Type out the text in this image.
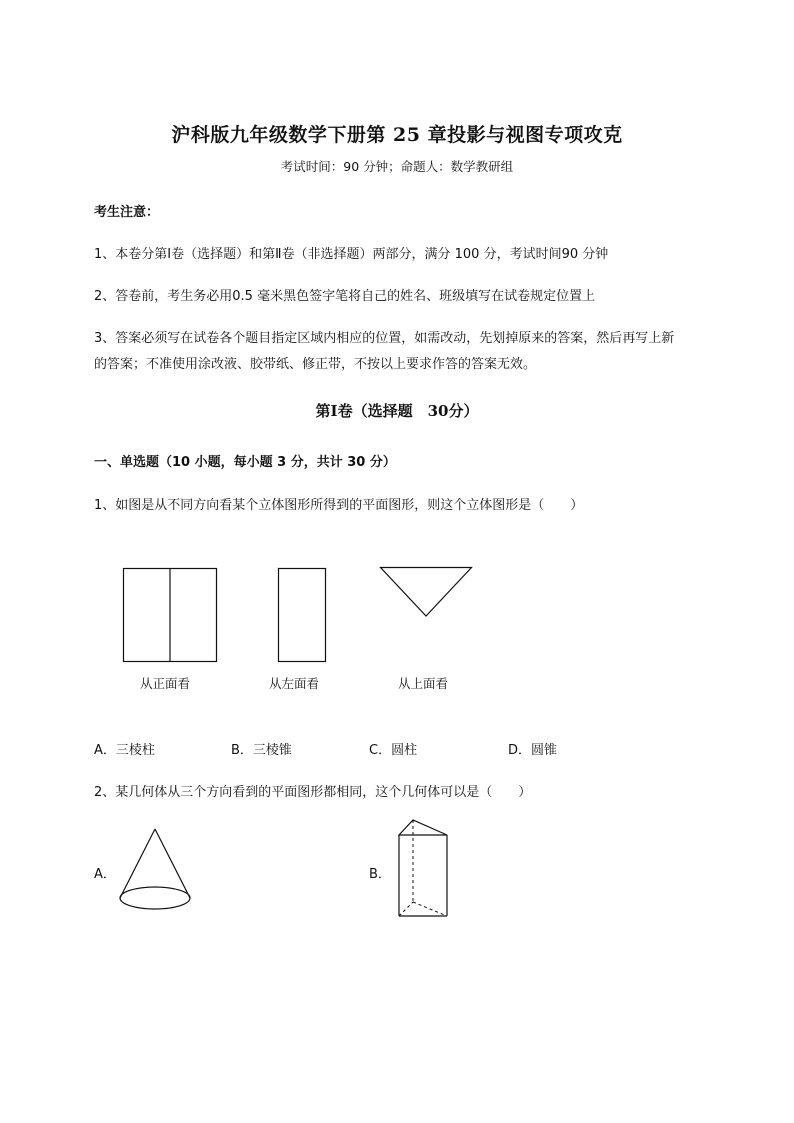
沪科版九年级数学下册第 25 章投影与视图专项攻克
考试时间：90 分钟；命题人：数学教研组
考生注意：
1、本卷分第Ⅰ卷（选择题）和第Ⅱ卷（非选择题）两部分，满分 100 分，考试时间90 分钟
2、答卷前，考生务必用0.5 毫米黑色签字笔将自己的姓名、班级填写在试卷规定位置上
3、答案必须写在试卷各个题目指定区域内相应的位置，如需改动，先划掉原来的答案，然后再写上新
的答案；不准使用涂改液、胶带纸、修正带，不按以上要求作答的答案无效。
第Ⅰ卷（选择题　30分）
一、单选题（10 小题，每小题 3 分，共计 30 分）
1、如图是从不同方向看某个立体图形所得到的平面图形，则这个立体图形是（　　）
从正面看	从左面看	从上面看
A．三棱柱	B．三棱锥	C．圆柱	D．圆锥
2、某几何体从三个方向看到的平面图形都相同，这个几何体可以是（　　）
A．	B．
